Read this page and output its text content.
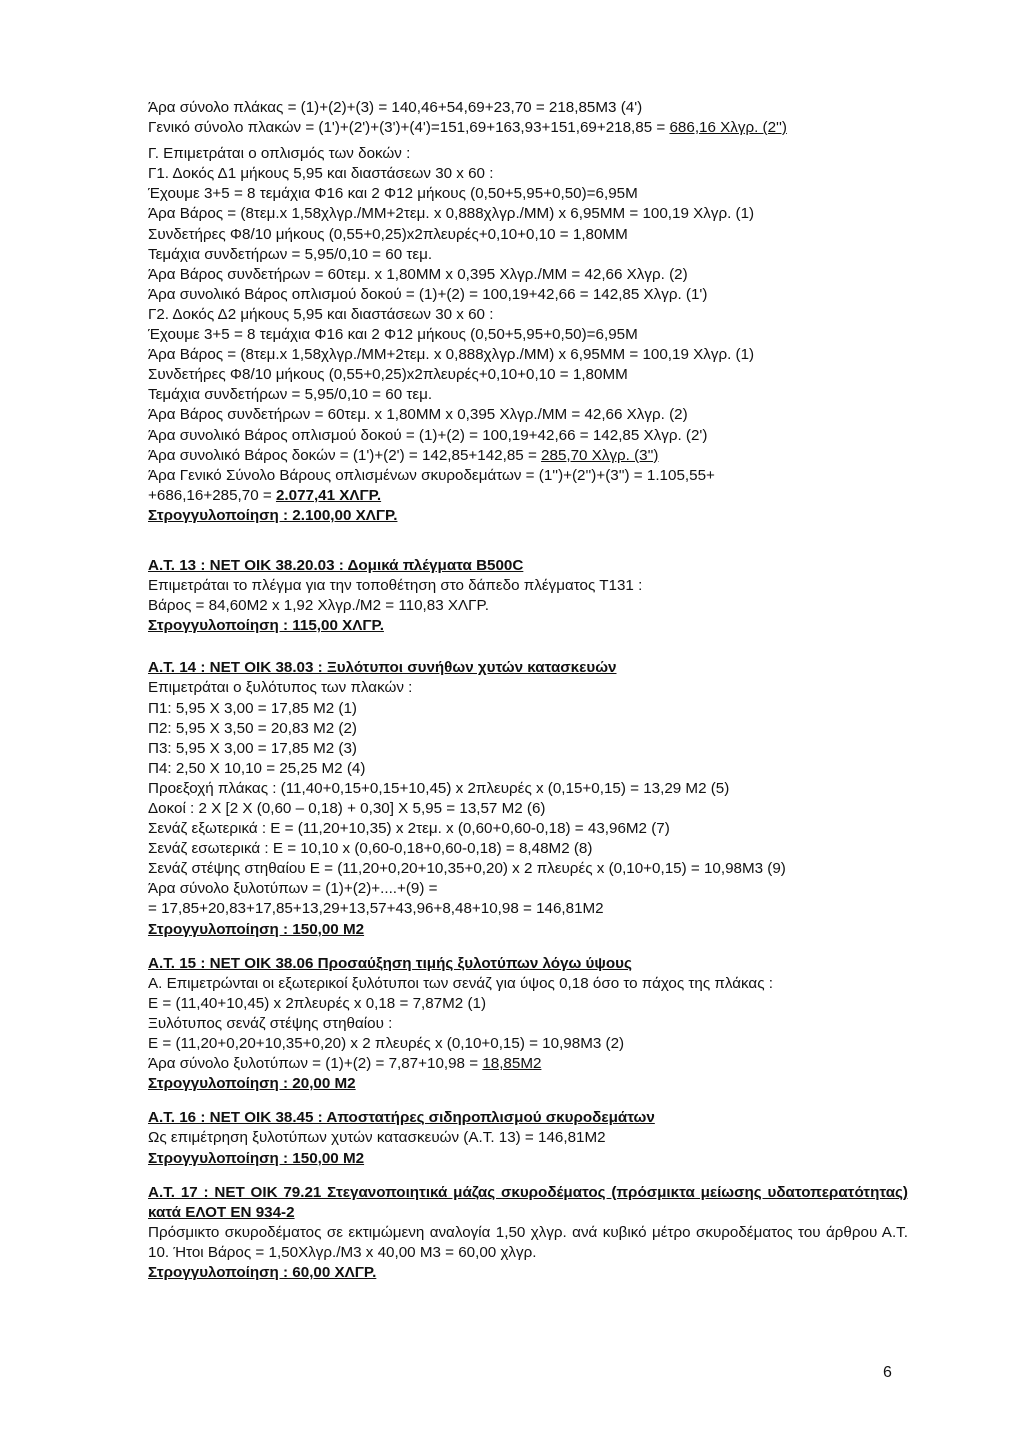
Άρα σύνολο πλάκας = (1)+(2)+(3) = 140,46+54,69+23,70 = 218,85Μ3 (4')

Γενικό σύνολο πλακών = (1')+(2')+(3')+(4')=151,69+163,93+151,69+218,85 = 686,16 Χλγρ. (2'')

Γ. Επιμετράται ο οπλισμός των δοκών :

Γ1. Δοκός Δ1 μήκους 5,95 και διαστάσεων 30 x 60 :

Έχουμε 3+5 = 8 τεμάχια Φ16 και 2 Φ12 μήκους (0,50+5,95+0,50)=6,95Μ

Άρα Βάρος = (8τεμ.x 1,58χλγρ./ΜΜ+2τεμ. x 0,888χλγρ./ΜΜ) x 6,95ΜΜ = 100,19 Χλγρ. (1)

Συνδετήρες Φ8/10 μήκους (0,55+0,25)x2πλευρές+0,10+0,10 = 1,80ΜΜ

Τεμάχια συνδετήρων = 5,95/0,10 = 60 τεμ.

Άρα Βάρος συνδετήρων = 60τεμ. x 1,80ΜΜ x 0,395 Χλγρ./ΜΜ = 42,66 Χλγρ. (2)

Άρα συνολικό Βάρος οπλισμού δοκού = (1)+(2) = 100,19+42,66 = 142,85 Χλγρ. (1')

Γ2. Δοκός Δ2 μήκους 5,95 και διαστάσεων 30 x 60 :

Έχουμε 3+5 = 8 τεμάχια Φ16 και 2 Φ12 μήκους (0,50+5,95+0,50)=6,95Μ

Άρα Βάρος = (8τεμ.x 1,58χλγρ./ΜΜ+2τεμ. x 0,888χλγρ./ΜΜ) x 6,95ΜΜ = 100,19 Χλγρ. (1)

Συνδετήρες Φ8/10 μήκους (0,55+0,25)x2πλευρές+0,10+0,10 = 1,80ΜΜ

Τεμάχια συνδετήρων = 5,95/0,10 = 60 τεμ.

Άρα Βάρος συνδετήρων = 60τεμ. x 1,80ΜΜ x 0,395 Χλγρ./ΜΜ = 42,66 Χλγρ. (2)

Άρα συνολικό Βάρος οπλισμού δοκού = (1)+(2) = 100,19+42,66 = 142,85 Χλγρ. (2')

Άρα συνολικό Βάρος δοκών = (1')+(2') = 142,85+142,85 = 285,70 Χλγρ. (3'')

Άρα Γενικό Σύνολο Βάρους οπλισμένων σκυροδεμάτων = (1'')+(2'')+(3'') = 1.105,55+

+686,16+285,70 = 2.077,41 ΧΛΓΡ.

Στρογγυλοποίηση : 2.100,00 ΧΛΓΡ.

Α.Τ. 13 : ΝΕΤ ΟΙΚ 38.20.03 : Δομικά πλέγματα Β500C

Επιμετράται το πλέγμα για την τοποθέτηση στο δάπεδο πλέγματος Τ131 :

Βάρος = 84,60Μ2 x 1,92 Χλγρ./Μ2 = 110,83 ΧΛΓΡ.

Στρογγυλοποίηση : 115,00 ΧΛΓΡ.

Α.Τ. 14 : ΝΕΤ ΟΙΚ 38.03 : Ξυλότυποι συνήθων χυτών κατασκευών

Επιμετράται ο ξυλότυπος των πλακών :

Π1: 5,95 Χ 3,00 = 17,85 Μ2 (1)

Π2: 5,95 Χ 3,50 = 20,83 Μ2 (2)

Π3: 5,95 Χ 3,00 = 17,85 Μ2 (3)

Π4: 2,50 Χ 10,10 = 25,25 Μ2 (4)

Προεξοχή πλάκας : (11,40+0,15+0,15+10,45) x 2πλευρές x (0,15+0,15) = 13,29 Μ2 (5)

Δοκοί : 2 Χ [2 Χ (0,60 – 0,18) + 0,30] Χ 5,95 = 13,57 Μ2 (6)

Σενάζ εξωτερικά : Ε = (11,20+10,35) x 2τεμ. x (0,60+0,60-0,18) = 43,96Μ2 (7)

Σενάζ εσωτερικά : Ε = 10,10 x (0,60-0,18+0,60-0,18) = 8,48Μ2 (8)

Σενάζ στέψης στηθαίου Ε = (11,20+0,20+10,35+0,20) x 2 πλευρές x (0,10+0,15) = 10,98Μ3 (9)

Άρα σύνολο ξυλοτύπων = (1)+(2)+....+(9) =

= 17,85+20,83+17,85+13,29+13,57+43,96+8,48+10,98 = 146,81Μ2

Στρογγυλοποίηση : 150,00 Μ2

Α.Τ. 15 : ΝΕΤ ΟΙΚ 38.06 Προσαύξηση τιμής ξυλοτύπων λόγω ύψους

Α. Επιμετρώνται οι εξωτερικοί ξυλότυποι των σενάζ για ύψος 0,18 όσο το πάχος της πλάκας :

Ε = (11,40+10,45) x 2πλευρές x 0,18 = 7,87Μ2 (1)

Ξυλότυπος σενάζ στέψης στηθαίου :

Ε = (11,20+0,20+10,35+0,20) x 2 πλευρές x (0,10+0,15) = 10,98Μ3 (2)

Άρα σύνολο ξυλοτύπων = (1)+(2) = 7,87+10,98 = 18,85Μ2

Στρογγυλοποίηση : 20,00 Μ2

Α.Τ. 16 : ΝΕΤ ΟΙΚ 38.45 : Αποστατήρες σιδηροπλισμού σκυροδεμάτων

Ως επιμέτρηση ξυλοτύπων χυτών κατασκευών (Α.Τ. 13) = 146,81Μ2

Στρογγυλοποίηση : 150,00 Μ2

Α.Τ. 17 : ΝΕΤ ΟΙΚ 79.21 Στεγανοποιητικά μάζας σκυροδέματος (πρόσμικτα μείωσης υδατοπερατότητας) κατά ΕΛΟΤ ΕΝ 934-2

Πρόσμικτο σκυροδέματος σε εκτιμώμενη αναλογία 1,50 χλγρ. ανά κυβικό μέτρο σκυροδέματος του άρθρου Α.Τ. 10. Ήτοι Βάρος = 1,50Χλγρ./Μ3 x 40,00 Μ3 = 60,00 χλγρ.

Στρογγυλοποίηση : 60,00 ΧΛΓΡ.

6
